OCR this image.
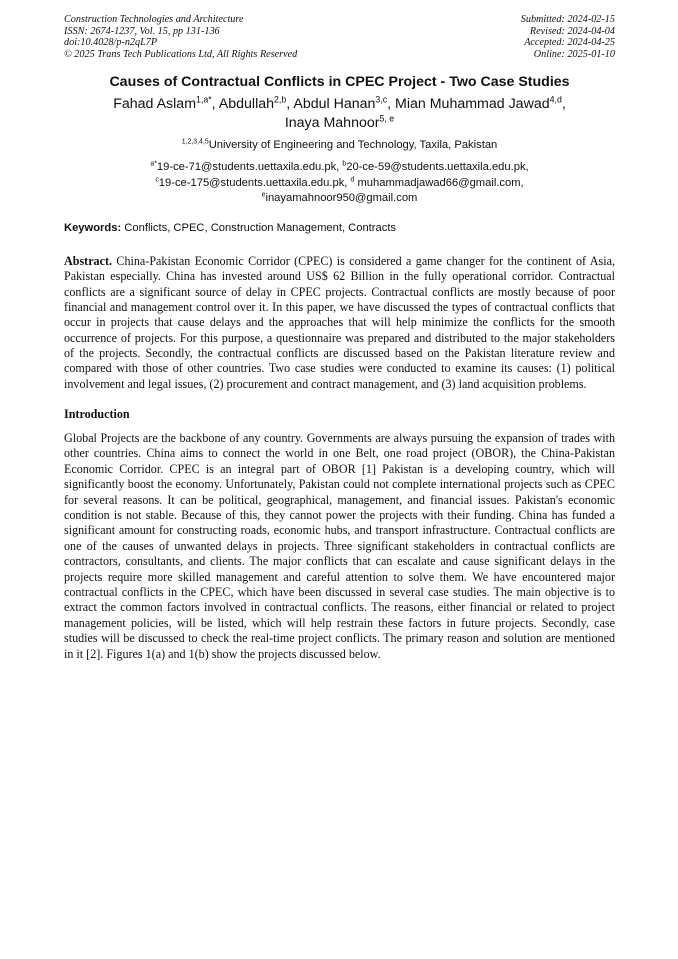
Construction Technologies and Architecture
ISSN: 2674-1237, Vol. 15, pp 131-136
doi:10.4028/p-n2qL7P
© 2025 Trans Tech Publications Ltd, All Rights Reserved
Submitted: 2024-02-15
Revised: 2024-04-04
Accepted: 2024-04-25
Online: 2025-01-10
Causes of Contractual Conflicts in CPEC Project - Two Case Studies
Fahad Aslam$^{1,a*}$, Abdullah$^{2,b}$, Abdul Hanan$^{3,c}$, Mian Muhammad Jawad$^{4,d}$,
Inaya Mahnoor$^{5, e}$
$^{1,2,3,4,5}$University of Engineering and Technology, Taxila, Pakistan
$^{a*}$19-ce-71@students.uettaxila.edu.pk, $^b$20-ce-59@students.uettaxila.edu.pk,
$^c$19-ce-175@students.uettaxila.edu.pk, $^d$ muhammadjawad66@gmail.com,
$^e$inayamahnoor950@gmail.com
Keywords: Conflicts, CPEC, Construction Management, Contracts
Abstract. China-Pakistan Economic Corridor (CPEC) is considered a game changer for the continent of Asia, Pakistan especially. China has invested around US$ 62 Billion in the fully operational corridor. Contractual conflicts are a significant source of delay in CPEC projects. Contractual conflicts are mostly because of poor financial and management control over it. In this paper, we have discussed the types of contractual conflicts that occur in projects that cause delays and the approaches that will help minimize the conflicts for the smooth occurrence of projects. For this purpose, a questionnaire was prepared and distributed to the major stakeholders of the projects. Secondly, the contractual conflicts are discussed based on the Pakistan literature review and compared with those of other countries. Two case studies were conducted to examine its causes: (1) political involvement and legal issues, (2) procurement and contract management, and (3) land acquisition problems.
Introduction
Global Projects are the backbone of any country. Governments are always pursuing the expansion of trades with other countries. China aims to connect the world in one Belt, one road project (OBOR), the China-Pakistan Economic Corridor. CPEC is an integral part of OBOR [1] Pakistan is a developing country, which will significantly boost the economy. Unfortunately, Pakistan could not complete international projects such as CPEC for several reasons. It can be political, geographical, management, and financial issues. Pakistan's economic condition is not stable. Because of this, they cannot power the projects with their funding. China has funded a significant amount for constructing roads, economic hubs, and transport infrastructure. Contractual conflicts are one of the causes of unwanted delays in projects. Three significant stakeholders in contractual conflicts are contractors, consultants, and clients. The major conflicts that can escalate and cause significant delays in the projects require more skilled management and careful attention to solve them. We have encountered major contractual conflicts in the CPEC, which have been discussed in several case studies. The main objective is to extract the common factors involved in contractual conflicts. The reasons, either financial or related to project management policies, will be listed, which will help restrain these factors in future projects. Secondly, case studies will be discussed to check the real-time project conflicts. The primary reason and solution are mentioned in it [2]. Figures 1(a) and 1(b) show the projects discussed below.
